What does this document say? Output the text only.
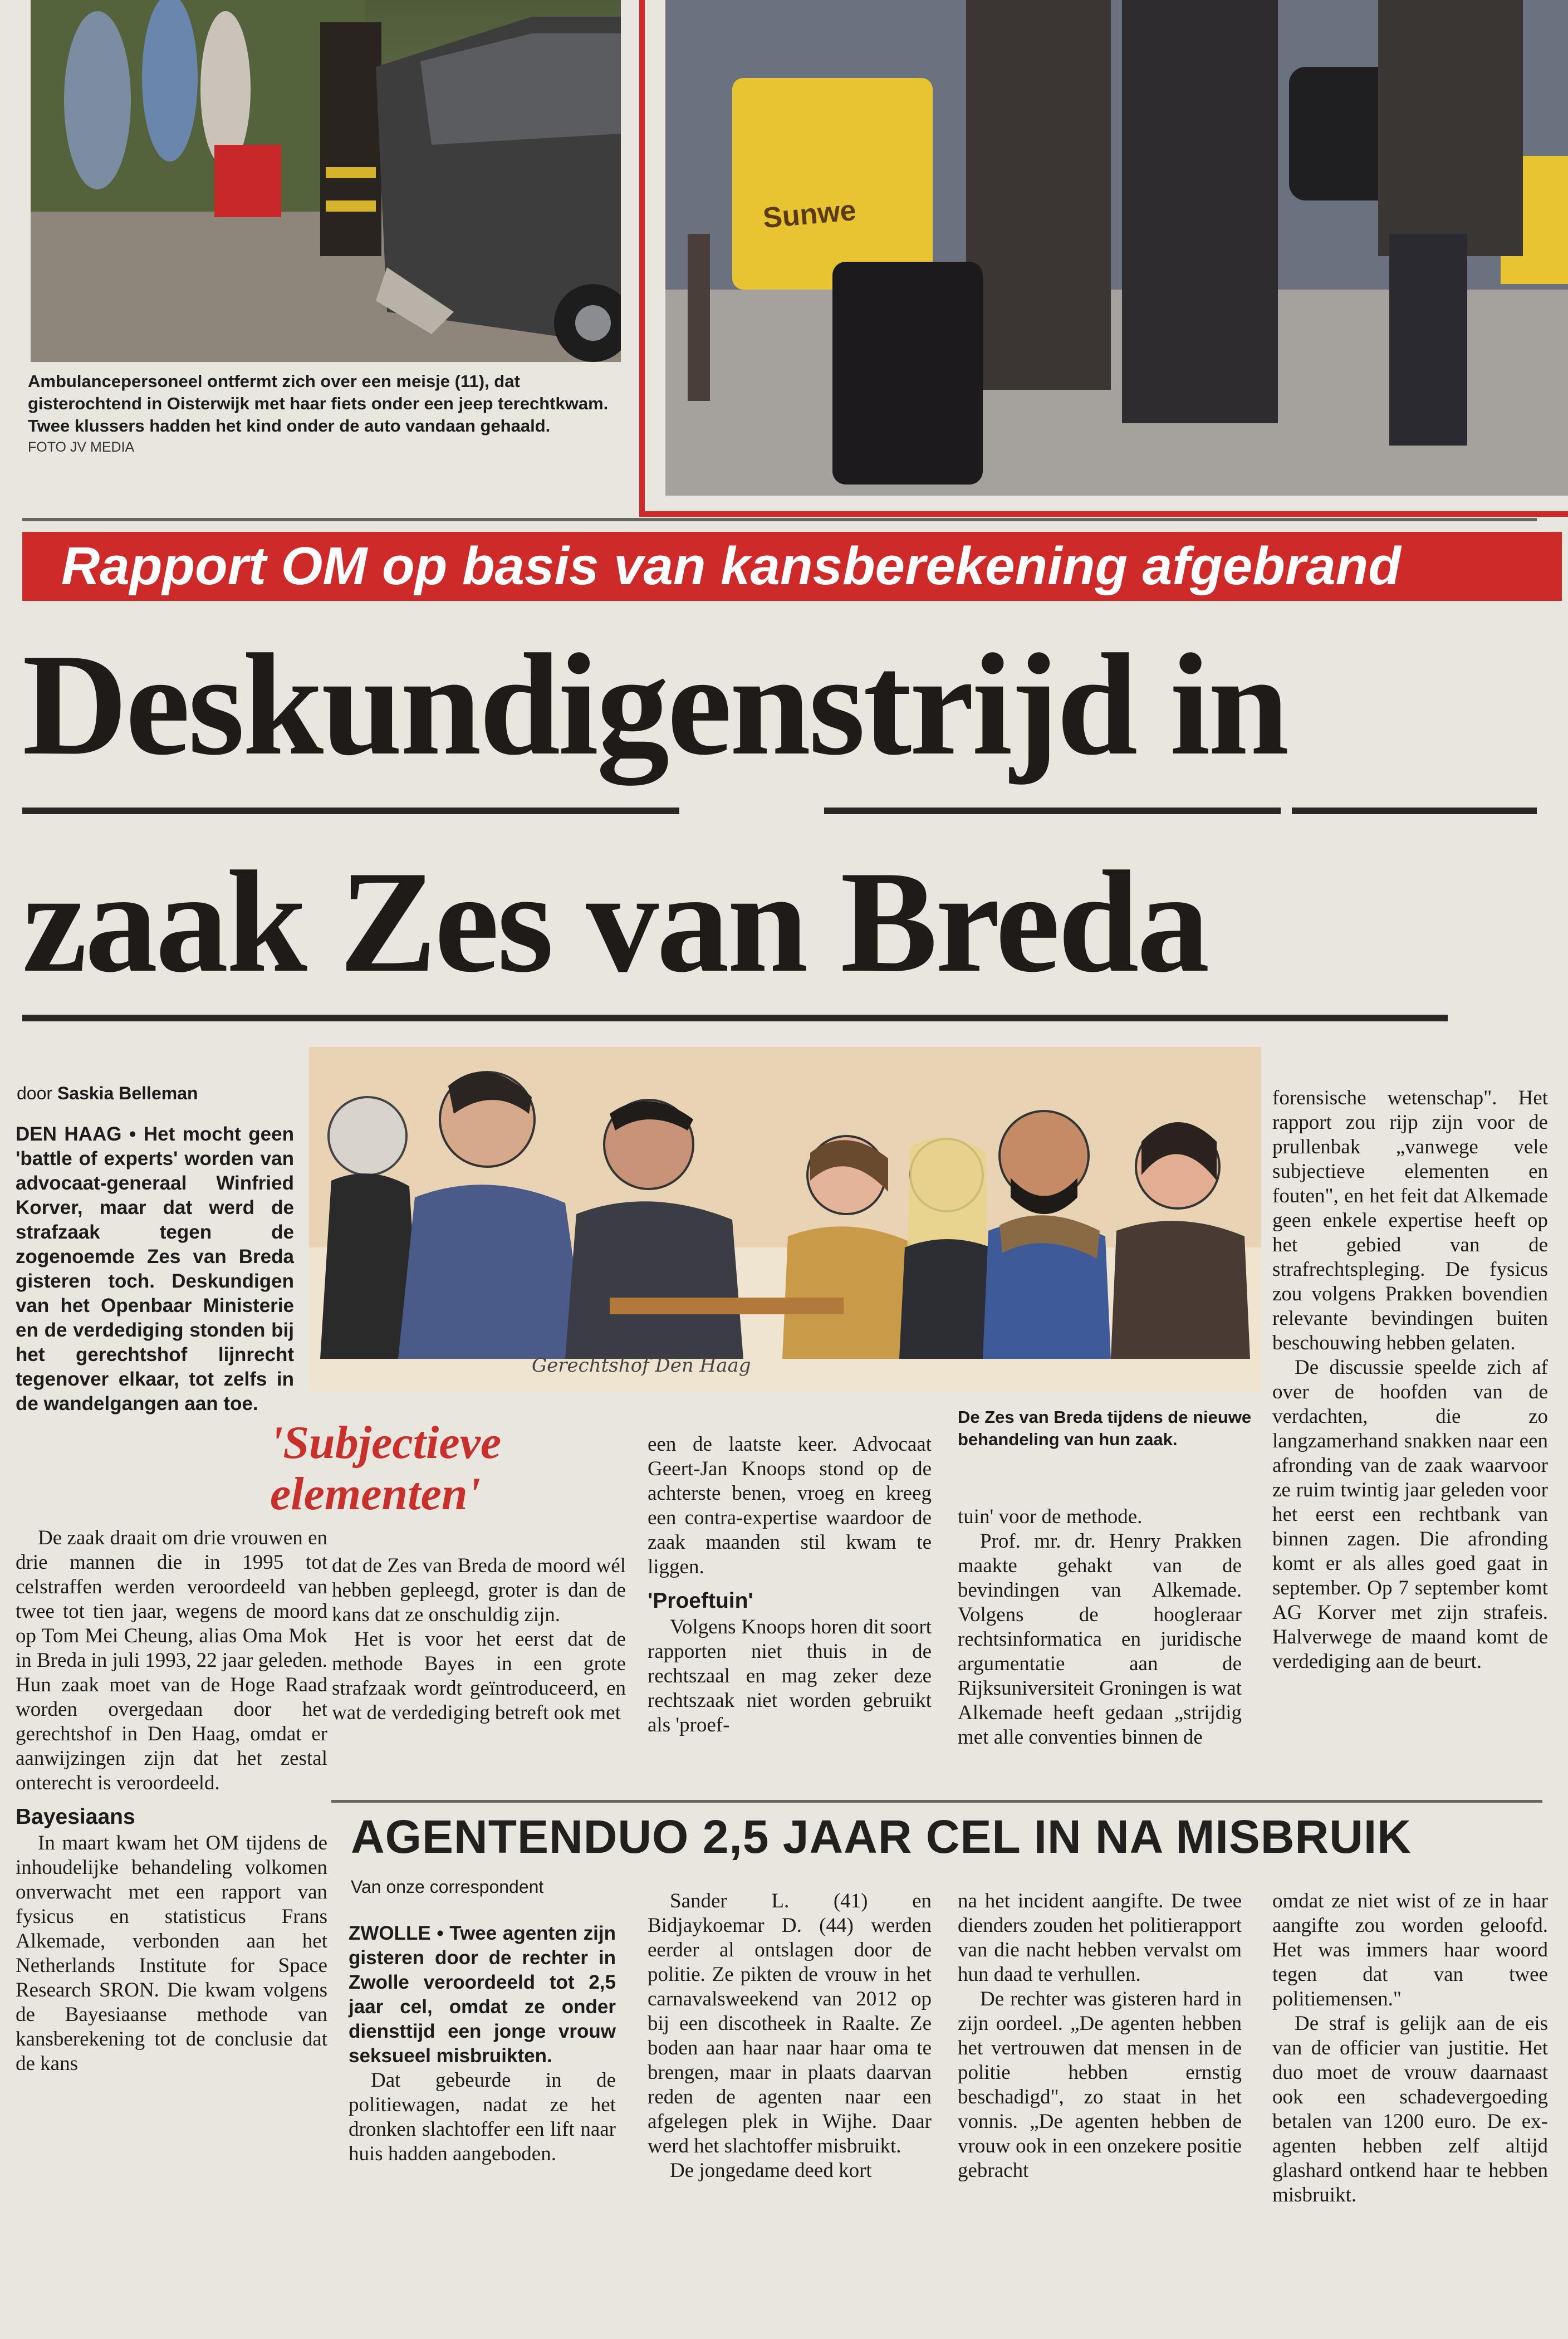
Ambulancepersoneel ontfermt zich over een meisje (11), dat gisterochtend in Oisterwijk met haar fiets onder een jeep terechtkwam. Twee klussers hadden het kind onder de auto vandaan gehaald.
FOTO JV MEDIA
Sunwe
Rapport OM op basis van kansberekening afgebrand
Deskundigenstrijd in
zaak Zes van Breda
door Saskia Belleman

DEN HAAG • Het mocht geen 'battle of experts' worden van advocaat-generaal Winfried Korver, maar dat werd de strafzaak tegen de zogenoemde Zes van Breda gisteren toch. Deskundigen van het Openbaar Ministerie en de verdediging stonden bij het gerechtshof lijnrecht tegenover elkaar, tot zelfs in de wandelgangen aan toe.

De zaak draait om drie vrouwen en drie mannen die in 1995 tot celstraffen werden veroordeeld van twee tot tien jaar, wegens de moord op Tom Mei Cheung, alias Oma Mok in Breda in juli 1993, 22 jaar geleden. Hun zaak moet van de Hoge Raad worden overgedaan door het gerechtshof in Den Haag, omdat er aanwijzingen zijn dat het zestal onterecht is veroordeeld.

Bayesiaans

In maart kwam het OM tijdens de inhoudelijke behandeling volkomen onverwacht met een rapport van fysicus en statisticus Frans Alkemade, verbonden aan het Netherlands Institute for Space Research SRON. Die kwam volgens de Bayesiaanse methode van kansberekening tot de conclusie dat de kans

Gerechtshof Den Haag
'Subjectieve elementen'

dat de Zes van Breda de moord wél hebben gepleegd, groter is dan de kans dat ze onschuldig zijn.

Het is voor het eerst dat de methode Bayes in een grote strafzaak wordt geïntroduceerd, en wat de verdediging betreft ook met

een de laatste keer. Advocaat Geert-Jan Knoops stond op de achterste benen, vroeg en kreeg een contra-expertise waardoor de zaak maanden stil kwam te liggen.

'Proeftuin'

Volgens Knoops horen dit soort rapporten niet thuis in de rechtszaal en mag zeker deze rechtszaak niet worden gebruikt als 'proef-

De Zes van Breda tijdens de nieuwe behandeling van hun zaak.

tuin' voor de methode.

Prof. mr. dr. Henry Prakken maakte gehakt van de bevindingen van Alkemade. Volgens de hoogleraar rechtsinformatica en juridische argumentatie aan de Rijksuniversiteit Groningen is wat Alkemade heeft gedaan „strijdig met alle conventies binnen de

forensische wetenschap". Het rapport zou rijp zijn voor de prullenbak „vanwege vele subjectieve elementen en fouten", en het feit dat Alkemade geen enkele expertise heeft op het gebied van de strafrechtspleging. De fysicus zou volgens Prakken bovendien relevante bevindingen buiten beschouwing hebben gelaten.

De discussie speelde zich af over de hoofden van de verdachten, die zo langzamerhand snakken naar een afronding van de zaak waarvoor ze ruim twintig jaar geleden voor het eerst een rechtbank van binnen zagen. Die afronding komt er als alles goed gaat in september. Op 7 september komt AG Korver met zijn strafeis. Halverwege de maand komt de verdediging aan de beurt.

AGENTENDUO 2,5 JAAR CEL IN NA MISBRUIK
Van onze correspondent

ZWOLLE • Twee agenten zijn gisteren door de rechter in Zwolle veroordeeld tot 2,5 jaar cel, omdat ze onder diensttijd een jonge vrouw seksueel misbruikten.

Dat gebeurde in de politiewagen, nadat ze het dronken slachtoffer een lift naar huis hadden aangeboden.

Sander L. (41) en Bidjaykoemar D. (44) werden eerder al ontslagen door de politie. Ze pikten de vrouw in het carnavalsweekend van 2012 op bij een discotheek in Raalte. Ze boden aan haar naar haar oma te brengen, maar in plaats daarvan reden de agenten naar een afgelegen plek in Wijhe. Daar werd het slachtoffer misbruikt.

De jongedame deed kort

na het incident aangifte. De twee dienders zouden het politierapport van die nacht hebben vervalst om hun daad te verhullen.

De rechter was gisteren hard in zijn oordeel. „De agenten hebben het vertrouwen dat mensen in de politie hebben ernstig beschadigd", zo staat in het vonnis. „De agenten hebben de vrouw ook in een onzekere positie gebracht

omdat ze niet wist of ze in haar aangifte zou worden geloofd. Het was immers haar woord tegen dat van twee politiemensen."

De straf is gelijk aan de eis van de officier van justitie. Het duo moet de vrouw daarnaast ook een schadevergoeding betalen van 1200 euro. De ex-agenten hebben zelf altijd glashard ontkend haar te hebben misbruikt.
